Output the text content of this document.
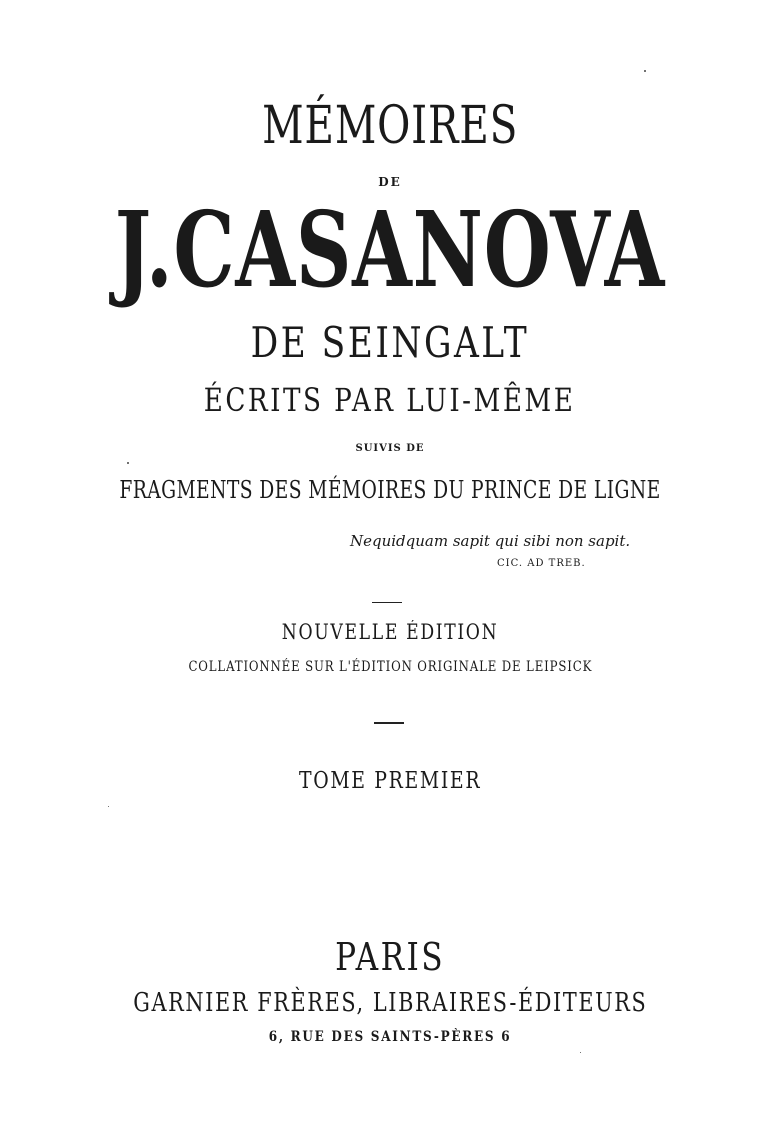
MÉMOIRES
DE
J.CASANOVA
DE SEINGALT
ÉCRITS PAR LUI-MÊME
SUIVIS DE
FRAGMENTS DES MÉMOIRES DU PRINCE DE LIGNE
Nequidquam sapit qui sibi non sapit.
CIC. AD TREB.
NOUVELLE ÉDITION
COLLATIONNÉE SUR L'ÉDITION ORIGINALE DE LEIPSICK
TOME PREMIER
PARIS
GARNIER FRÈRES, LIBRAIRES-ÉDITEURS
6, RUE DES SAINTS-PÈRES 6
